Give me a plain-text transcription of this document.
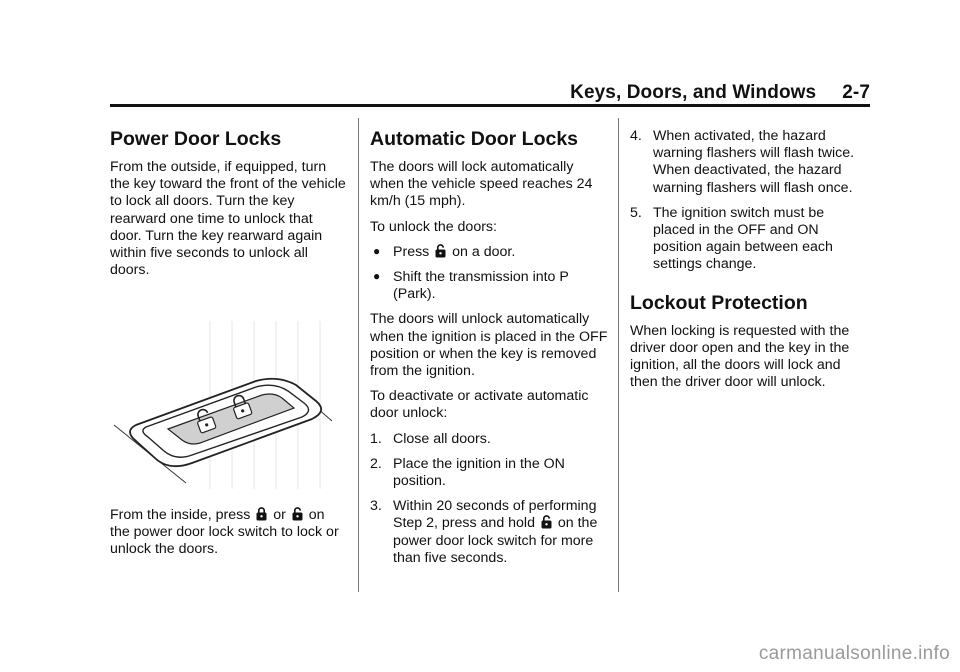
Keys, Doors, and Windows 2-7
Power Door Locks

From the outside, if equipped, turn the key toward the front of the vehicle to lock all doors. Turn the key rearward one time to unlock that door. Turn the key rearward again within five seconds to unlock all doors.

From the inside, press or on the power door lock switch to lock or unlock the doors.

Automatic Door Locks

The doors will lock automatically when the vehicle speed reaches 24 km/h (15 mph).

To unlock the doors:

● Press on a door.
● Shift the transmission into P (Park).

The doors will unlock automatically when the ignition is placed in the OFF position or when the key is removed from the ignition.

To deactivate or activate automatic door unlock:

1. Close all doors.
2. Place the ignition in the ON position.
3. Within 20 seconds of performing Step 2, press and hold on the power door lock switch for more than five seconds.
4. When activated, the hazard warning flashers will flash twice. When deactivated, the hazard warning flashers will flash once.
5. The ignition switch must be placed in the OFF and ON position again between each settings change.
Lockout Protection

When locking is requested with the driver door open and the key in the ignition, all the doors will lock and then the driver door will unlock.

carmanualsonline.info
